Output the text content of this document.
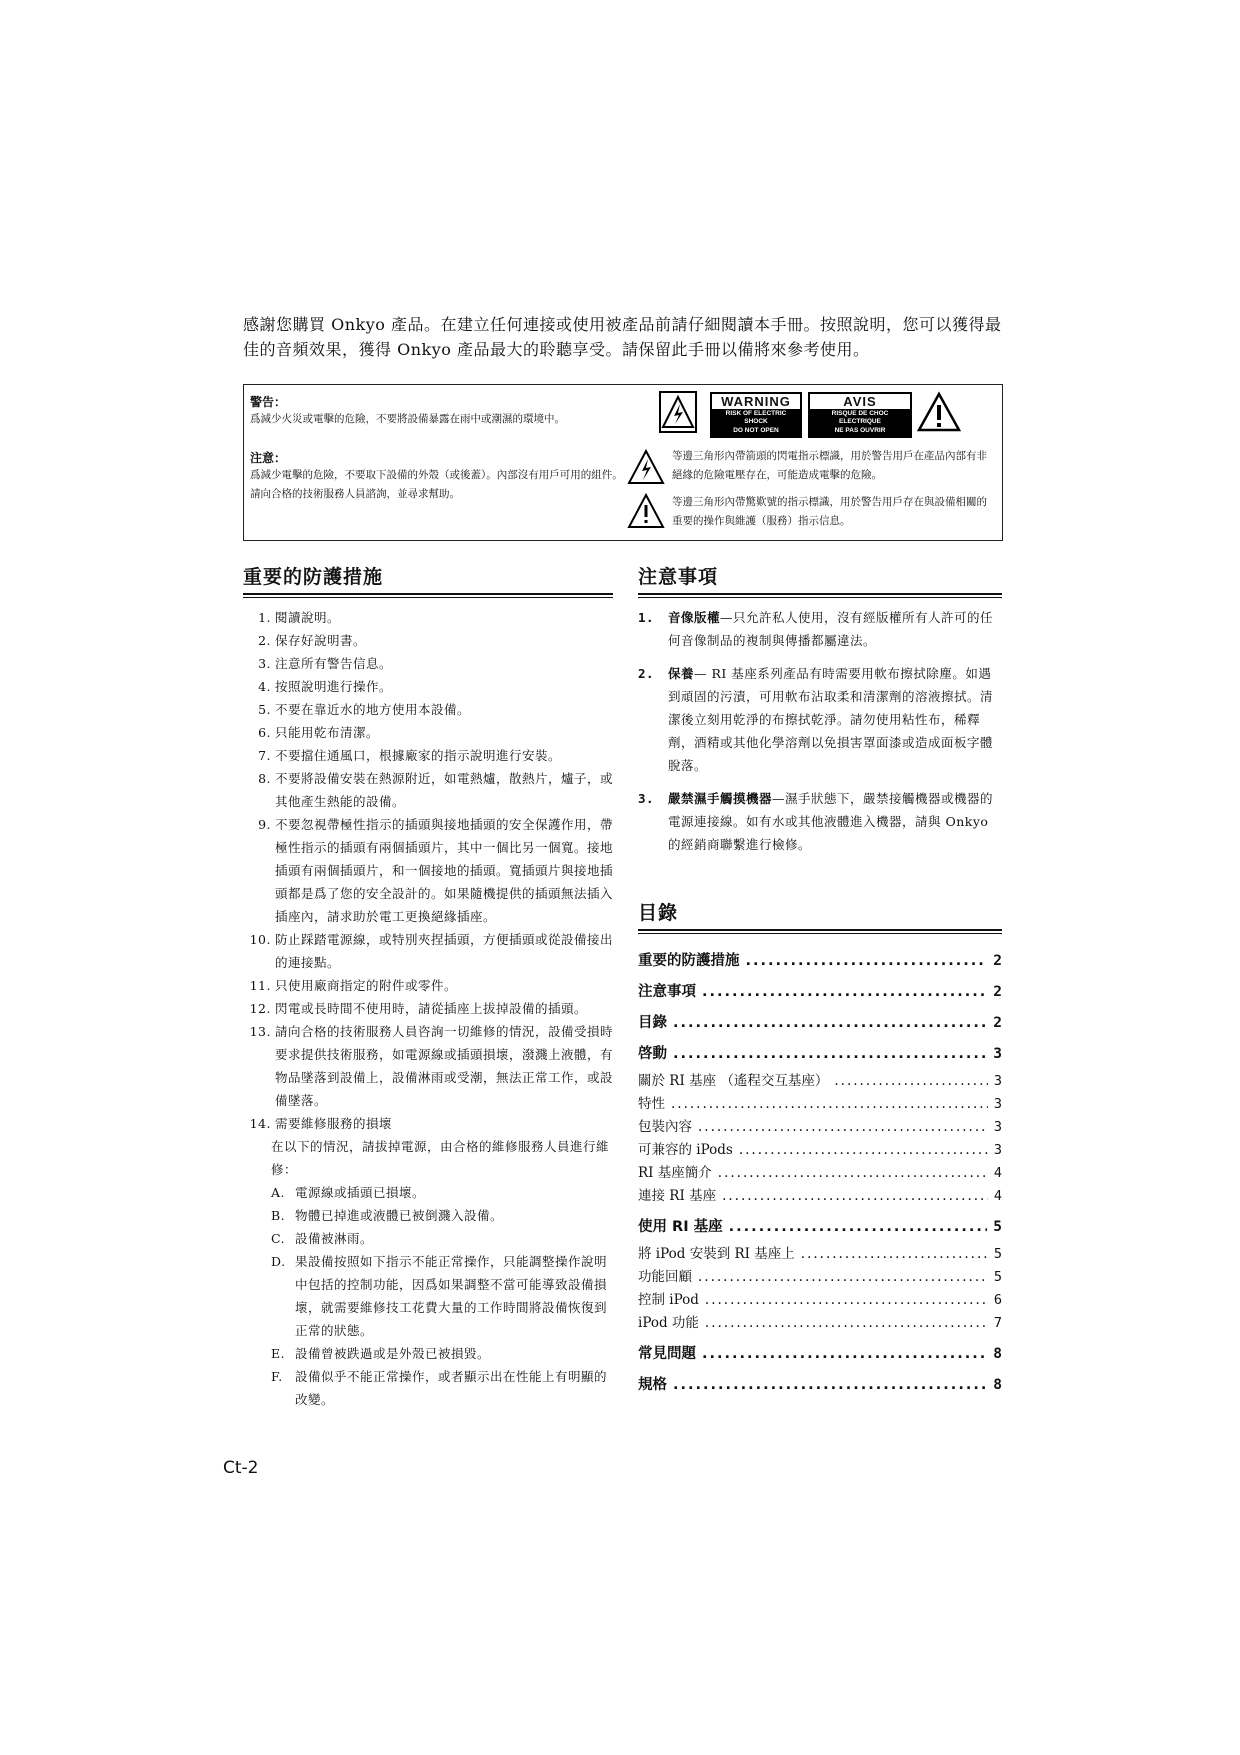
感謝您購買 Onkyo 產品。在建立任何連接或使用被產品前請仔細閱讀本手冊。按照說明，您可以獲得最佳的音頻效果，獲得 Onkyo 產品最大的聆聽享受。請保留此手冊以備將來參考使用。
警告：
爲減少火災或電擊的危險，不要將設備暴露在雨中或潮濕的環境中。
注意：
爲減少電擊的危險，不要取下設備的外殼（或後蓋）。內部沒有用戶可用的組件。請向合格的技術服務人員諮詢，並尋求幫助。
WARNING
RISK OF ELECTRIC SHOCK
DO NOT OPEN
AVIS
RISQUE DE CHOC ELECTRIQUE
NE PAS OUVRIR
等邊三角形內帶箭頭的閃電指示標識，用於警告用戶在產品內部有非絕緣的危險電壓存在，可能造成電擊的危險。
等邊三角形內帶驚歎號的指示標識，用於警告用戶存在與設備相關的重要的操作與維護（服務）指示信息。
重要的防護措施
1. 閱讀說明。
2. 保存好說明書。
3. 注意所有警告信息。
4. 按照說明進行操作。
5. 不要在靠近水的地方使用本設備。
6. 只能用乾布清潔。
7. 不要擋住通風口，根據廠家的指示說明進行安裝。
8. 不要將設備安裝在熱源附近，如電熱爐，散熱片，爐子，或其他產生熱能的設備。
9. 不要忽視帶極性指示的插頭與接地插頭的安全保護作用，帶極性指示的插頭有兩個插頭片，其中一個比另一個寬。接地插頭有兩個插頭片，和一個接地的插頭。寬插頭片與接地插頭都是爲了您的安全設計的。如果隨機提供的插頭無法插入插座內，請求助於電工更換絕緣插座。
10. 防止踩踏電源線，或特別夾捏插頭，方便插頭或從設備接出的連接點。
11. 只使用廠商指定的附件或零件。
12. 閃電或長時間不使用時，請從插座上拔掉設備的插頭。
13. 請向合格的技術服務人員咨詢一切維修的情況，設備受損時要求提供技術服務，如電源線或插頭損壞，潑濺上液體，有物品墜落到設備上，設備淋雨或受潮，無法正常工作，或設備墜落。
14. 需要維修服務的損壞
在以下的情況，請拔掉電源，由合格的維修服務人員進行維修：
A. 電源線或插頭已損壞。
B. 物體已掉進或液體已被倒濺入設備。
C. 設備被淋雨。
D. 果設備按照如下指示不能正常操作，只能調整操作說明中包括的控制功能，因爲如果調整不當可能導致設備損壞，就需要維修技工花費大量的工作時間將設備恢復到正常的狀態。
E. 設備曾被跌過或是外殼已被損毀。
F. 設備似乎不能正常操作，或者顯示出在性能上有明顯的改變。
注意事項
1.	音像版權—只允許私人使用，沒有經版權所有人許可的任何音像制品的複制與傳播都屬違法。
2.	保養— RI 基座系列產品有時需要用軟布擦拭除塵。如遇到頑固的污漬，可用軟布沾取柔和清潔劑的溶液擦拭。清潔後立刻用乾淨的布擦拭乾淨。請勿使用粘性布，稀釋劑，酒精或其他化學溶劑以免損害罩面漆或造成面板字體脫落。
3.	嚴禁濕手觸摸機器—濕手狀態下，嚴禁接觸機器或機器的電源連接線。如有水或其他液體進入機器，請與 Onkyo 的經銷商聯繫進行檢修。
目錄
重要的防護措施 .....	2
注意事項 .....	2
目錄 .....	2
啓動 .....	3
關於 RI 基座 （遙程交互基座） .....	3
特性 .....	3
包裝內容 .....	3
可兼容的 iPods .....	3
RI 基座簡介 .....	4
連接 RI 基座 .....	4
使用 RI 基座 .....	5
將 iPod 安裝到 RI 基座上 .....	5
功能回顧 .....	5
控制 iPod .....	6
iPod 功能 .....	7
常見問題 .....	8
規格 .....	8
Ct-2
